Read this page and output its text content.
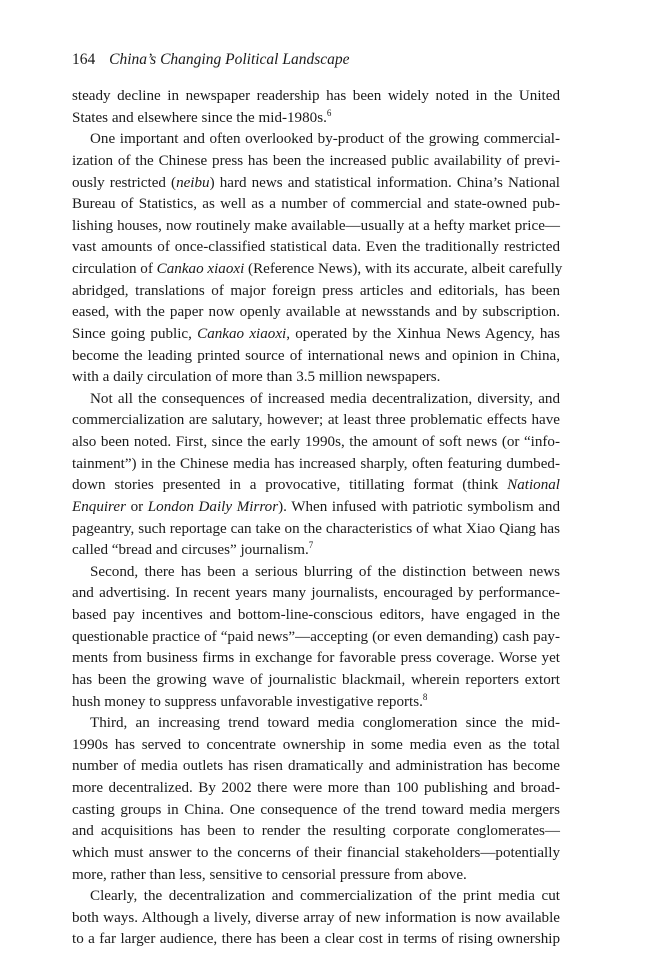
164 China’s Changing Political Landscape
steady decline in newspaper readership has been widely noted in the United
States and elsewhere since the mid-1980s.$^6$
One important and often overlooked by-product of the growing commercial-
ization of the Chinese press has been the increased public availability of previ-
ously restricted (neibu) hard news and statistical information. China’s National
Bureau of Statistics, as well as a number of commercial and state-owned pub-
lishing houses, now routinely make available—usually at a hefty market price—
vast amounts of once-classified statistical data. Even the traditionally restricted
circulation of Cankao xiaoxi (Reference News), with its accurate, albeit carefully
abridged, translations of major foreign press articles and editorials, has been
eased, with the paper now openly available at newsstands and by subscription.
Since going public, Cankao xiaoxi, operated by the Xinhua News Agency, has
become the leading printed source of international news and opinion in China,
with a daily circulation of more than 3.5 million newspapers.
Not all the consequences of increased media decentralization, diversity, and
commercialization are salutary, however; at least three problematic effects have
also been noted. First, since the early 1990s, the amount of soft news (or “info-
tainment”) in the Chinese media has increased sharply, often featuring dumbed-
down stories presented in a provocative, titillating format (think National
Enquirer or London Daily Mirror). When infused with patriotic symbolism and
pageantry, such reportage can take on the characteristics of what Xiao Qiang has
called “bread and circuses” journalism.$^7$
Second, there has been a serious blurring of the distinction between news
and advertising. In recent years many journalists, encouraged by performance-
based pay incentives and bottom-line-conscious editors, have engaged in the
questionable practice of “paid news”—accepting (or even demanding) cash pay-
ments from business firms in exchange for favorable press coverage. Worse yet
has been the growing wave of journalistic blackmail, wherein reporters extort
hush money to suppress unfavorable investigative reports.$^8$
Third, an increasing trend toward media conglomeration since the mid-
1990s has served to concentrate ownership in some media even as the total
number of media outlets has risen dramatically and administration has become
more decentralized. By 2002 there were more than 100 publishing and broad-
casting groups in China. One consequence of the trend toward media mergers
and acquisitions has been to render the resulting corporate conglomerates—
which must answer to the concerns of their financial stakeholders—potentially
more, rather than less, sensitive to censorial pressure from above.
Clearly, the decentralization and commercialization of the print media cut
both ways. Although a lively, diverse array of new information is now available
to a far larger audience, there has been a clear cost in terms of rising ownership
